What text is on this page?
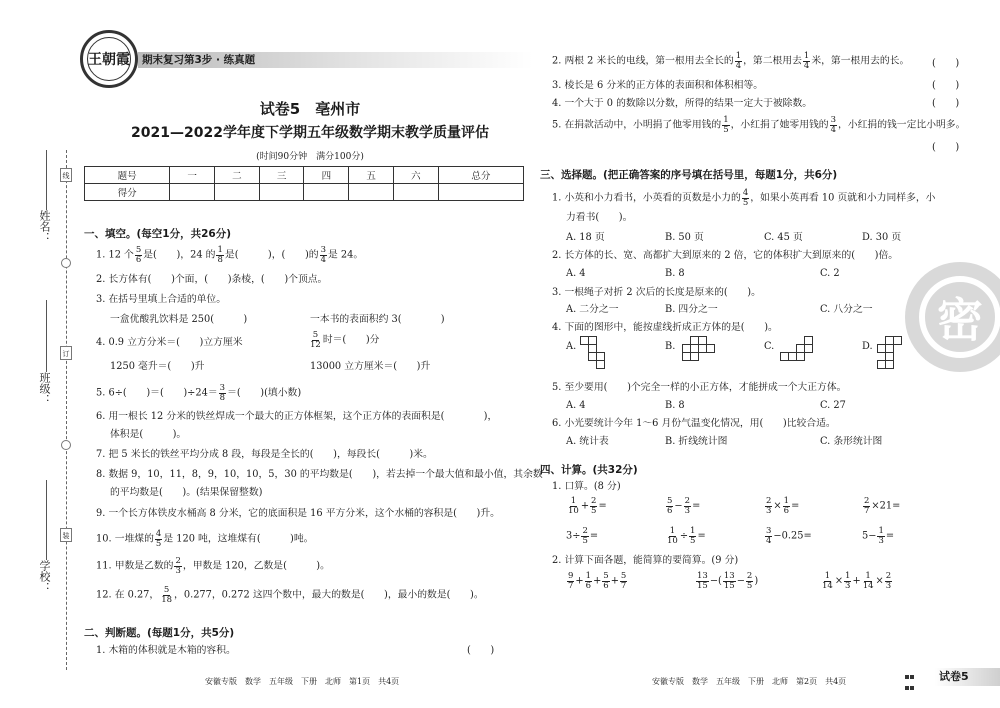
姓名：
班级：
学校：
线
订
装
王朝霞 期末复习第3步 · 练真题
试卷5　亳州市
2021—2022学年度下学期五年级数学期末教学质量评估
(时间90分钟　满分100分)
题号	一	二	三	四	五	六	总分
得分							
一、填空。(每空1分，共26分)
1. 12 个 $\frac{5}{6}$ 是(　　)，24 的 $\frac{1}{8}$ 是(　　　)，(　　)的 $\frac{3}{4}$ 是 24。
2. 长方体有(　　)个面，(　　)条棱，(　　)个顶点。
3. 在括号里填上合适的单位。
一盒优酸乳饮料是 250(　　　)	一本书的表面积约 3(　　　　)
4. 0.9 立方分米＝(　　)立方厘米	$\frac{5}{12}$ 时＝(　　)分
1250 毫升＝(　　)升	13000 立方厘米＝(　　)升
5. 6÷(　　)＝(　　)$\div 24= \frac{3}{8}$ ＝(　　)(填小数)
6. 用一根长 12 分米的铁丝焊成一个最大的正方体框架，这个正方体的表面积是(　　　　)，
体积是(　　　)。
7. 把 5 米长的铁丝平均分成 8 段，每段是全长的(　　)，每段长(　　　)米。
8. 数据 9，10，11，8，9，10，10，5，30 的平均数是(　　)，若去掉一个最大值和最小值，其余数
的平均数是(　　)。(结果保留整数)
9. 一个长方体铁皮水桶高 8 分米，它的底面积是 16 平方分米，这个水桶的容积是(　　)升。
10. 一堆煤的 $\frac{4}{5}$ 是 120 吨，这堆煤有(　　　)吨。
11. 甲数是乙数的 $\frac{2}{3}$ ，甲数是 120，乙数是(　　　)。
12. 在 0.27， $\frac{5}{18}$ ，0.277，0.272 这四个数中，最大的数是(　　)，最小的数是(　　)。
二、判断题。(每题1分，共5分)
1. 木箱的体积就是木箱的容积。	(　　)
安徽专版　数学　五年级　下册　北师　第1页　共4页
密
2. 两根 2 米长的电线，第一根用去全长的 $\frac{1}{4}$ ，第二根用去 $\frac{1}{4}$ 米，第一根用去的长。 (　　)
3. 棱长是 6 分米的正方体的表面积和体积相等。	(　　)
4. 一个大于 0 的数除以分数，所得的结果一定大于被除数。	(　　)
5. 在捐款活动中，小明捐了他零用钱的 $\frac{1}{5}$ ，小红捐了她零用钱的 $\frac{3}{4}$ ，小红捐的钱一定比小明多。
(　　)
三、选择题。(把正确答案的序号填在括号里，每题1分，共6分)
1. 小英和小力看书，小英看的页数是小力的 $\frac{4}{5}$ ，如果小英再看 10 页就和小力同样多，小
力看书(　　)。
A. 18 页	B. 50 页	C. 45 页	D. 30 页
2. 长方体的长、宽、高都扩大到原来的 2 倍，它的体积扩大到原来的(　　)倍。
A. 4	B. 8	C. 2
3. 一根绳子对折 2 次后的长度是原来的(　　)。
A. 二分之一	B. 四分之一	C. 八分之一
4. 下面的图形中，能按虚线折成正方体的是(　　)。
A.	B.	C.	D.
5. 至少要用(　　)个完全一样的小正方体，才能拼成一个大正方体。
A. 4	B. 8	C. 27
6. 小光要统计今年 1～6 月份气温变化情况，用(　　)比较合适。
A. 统计表	B. 折线统计图	C. 条形统计图
四、计算。(共32分)
1. 口算。(8 分)
$\frac{1}{10} + \frac{2}{5}$ =	$\frac{5}{6} - \frac{2}{3}$ =	$\frac{2}{3} \times \frac{1}{6}$ =	$\frac{2}{7} \times 21=$
$3\div \frac{2}{5}$ =	$\frac{1}{10} \div \frac{1}{5}$ =	$\frac{3}{4} -0.25=$	$5- \frac{1}{3}$ =
2. 计算下面各题，能简算的要简算。(9 分)
$\frac{9}{7} + \frac{1}{6} + \frac{5}{6} + \frac{5}{7}$	$\frac{13}{15}$ −( $\frac{13}{15} - \frac{2}{5}$ )	$\frac{1}{14} \times \frac{1}{3} + \frac{1}{14} \times \frac{2}{3}$
安徽专版　数学　五年级　下册　北师　第2页　共4页	试卷5
